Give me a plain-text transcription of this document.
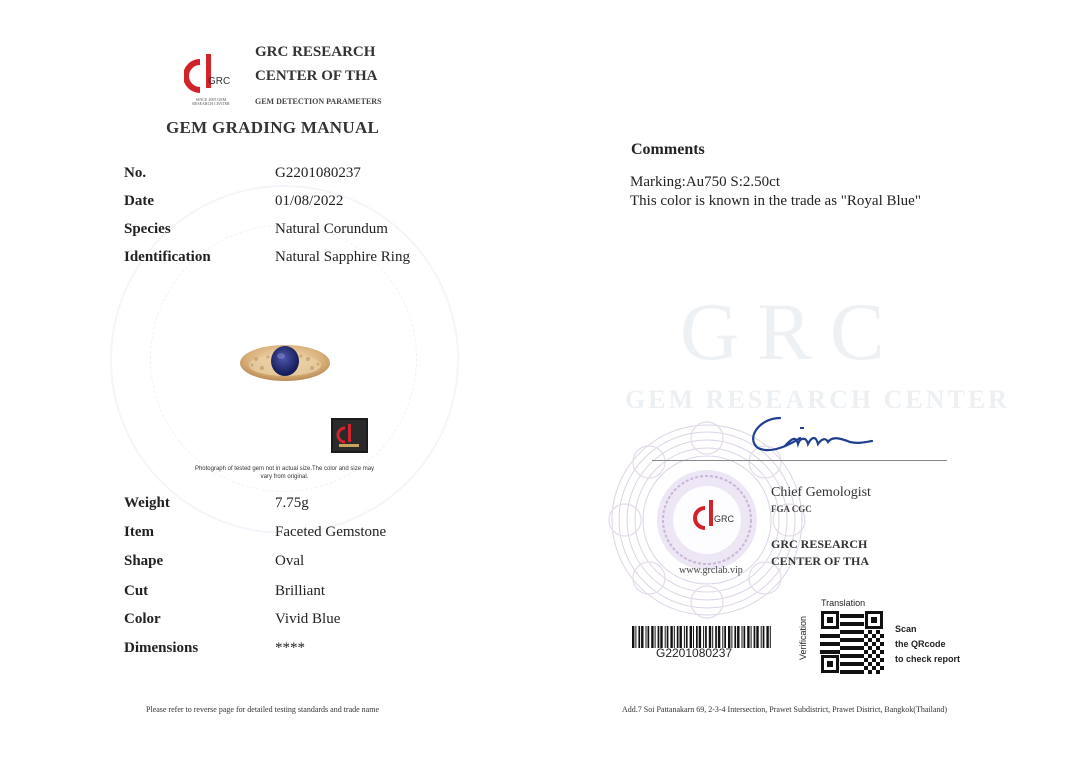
GRC
GEM RESEARCH CENTER
GRC
SINCE 2005 GEM RESEARCH CENTER
GRC RESEARCH
CENTER OF THA
GEM DETECTION PARAMETERS
GEM GRADING MANUAL
No.	G2201080237
Date	01/08/2022
Species	Natural Corundum
Identification	Natural Sapphire Ring
Photograph of tested gem not in actual size.The color and size may vary from original.
Weight	7.75g
Item	Faceted Gemstone
Shape	Oval
Cut	Brilliant
Color	Vivid Blue
Dimensions	****
Please refer to reverse page for detailed testing standards and trade name
Comments
Marking:Au750 S:2.50ct
This color is known in the trade as "Royal Blue"
GRC
www.grclab.vip
Chief Gemologist
FGA CGC
GRC RESEARCH
CENTER OF THA
G2201080237
Translation
Verification	Scan
the QRcode
to check report
Add.7 Soi Pattanakarn 69, 2-3-4 Intersection, Prawet Subdistrict, Prawet District, Bangkok(Thailand)
